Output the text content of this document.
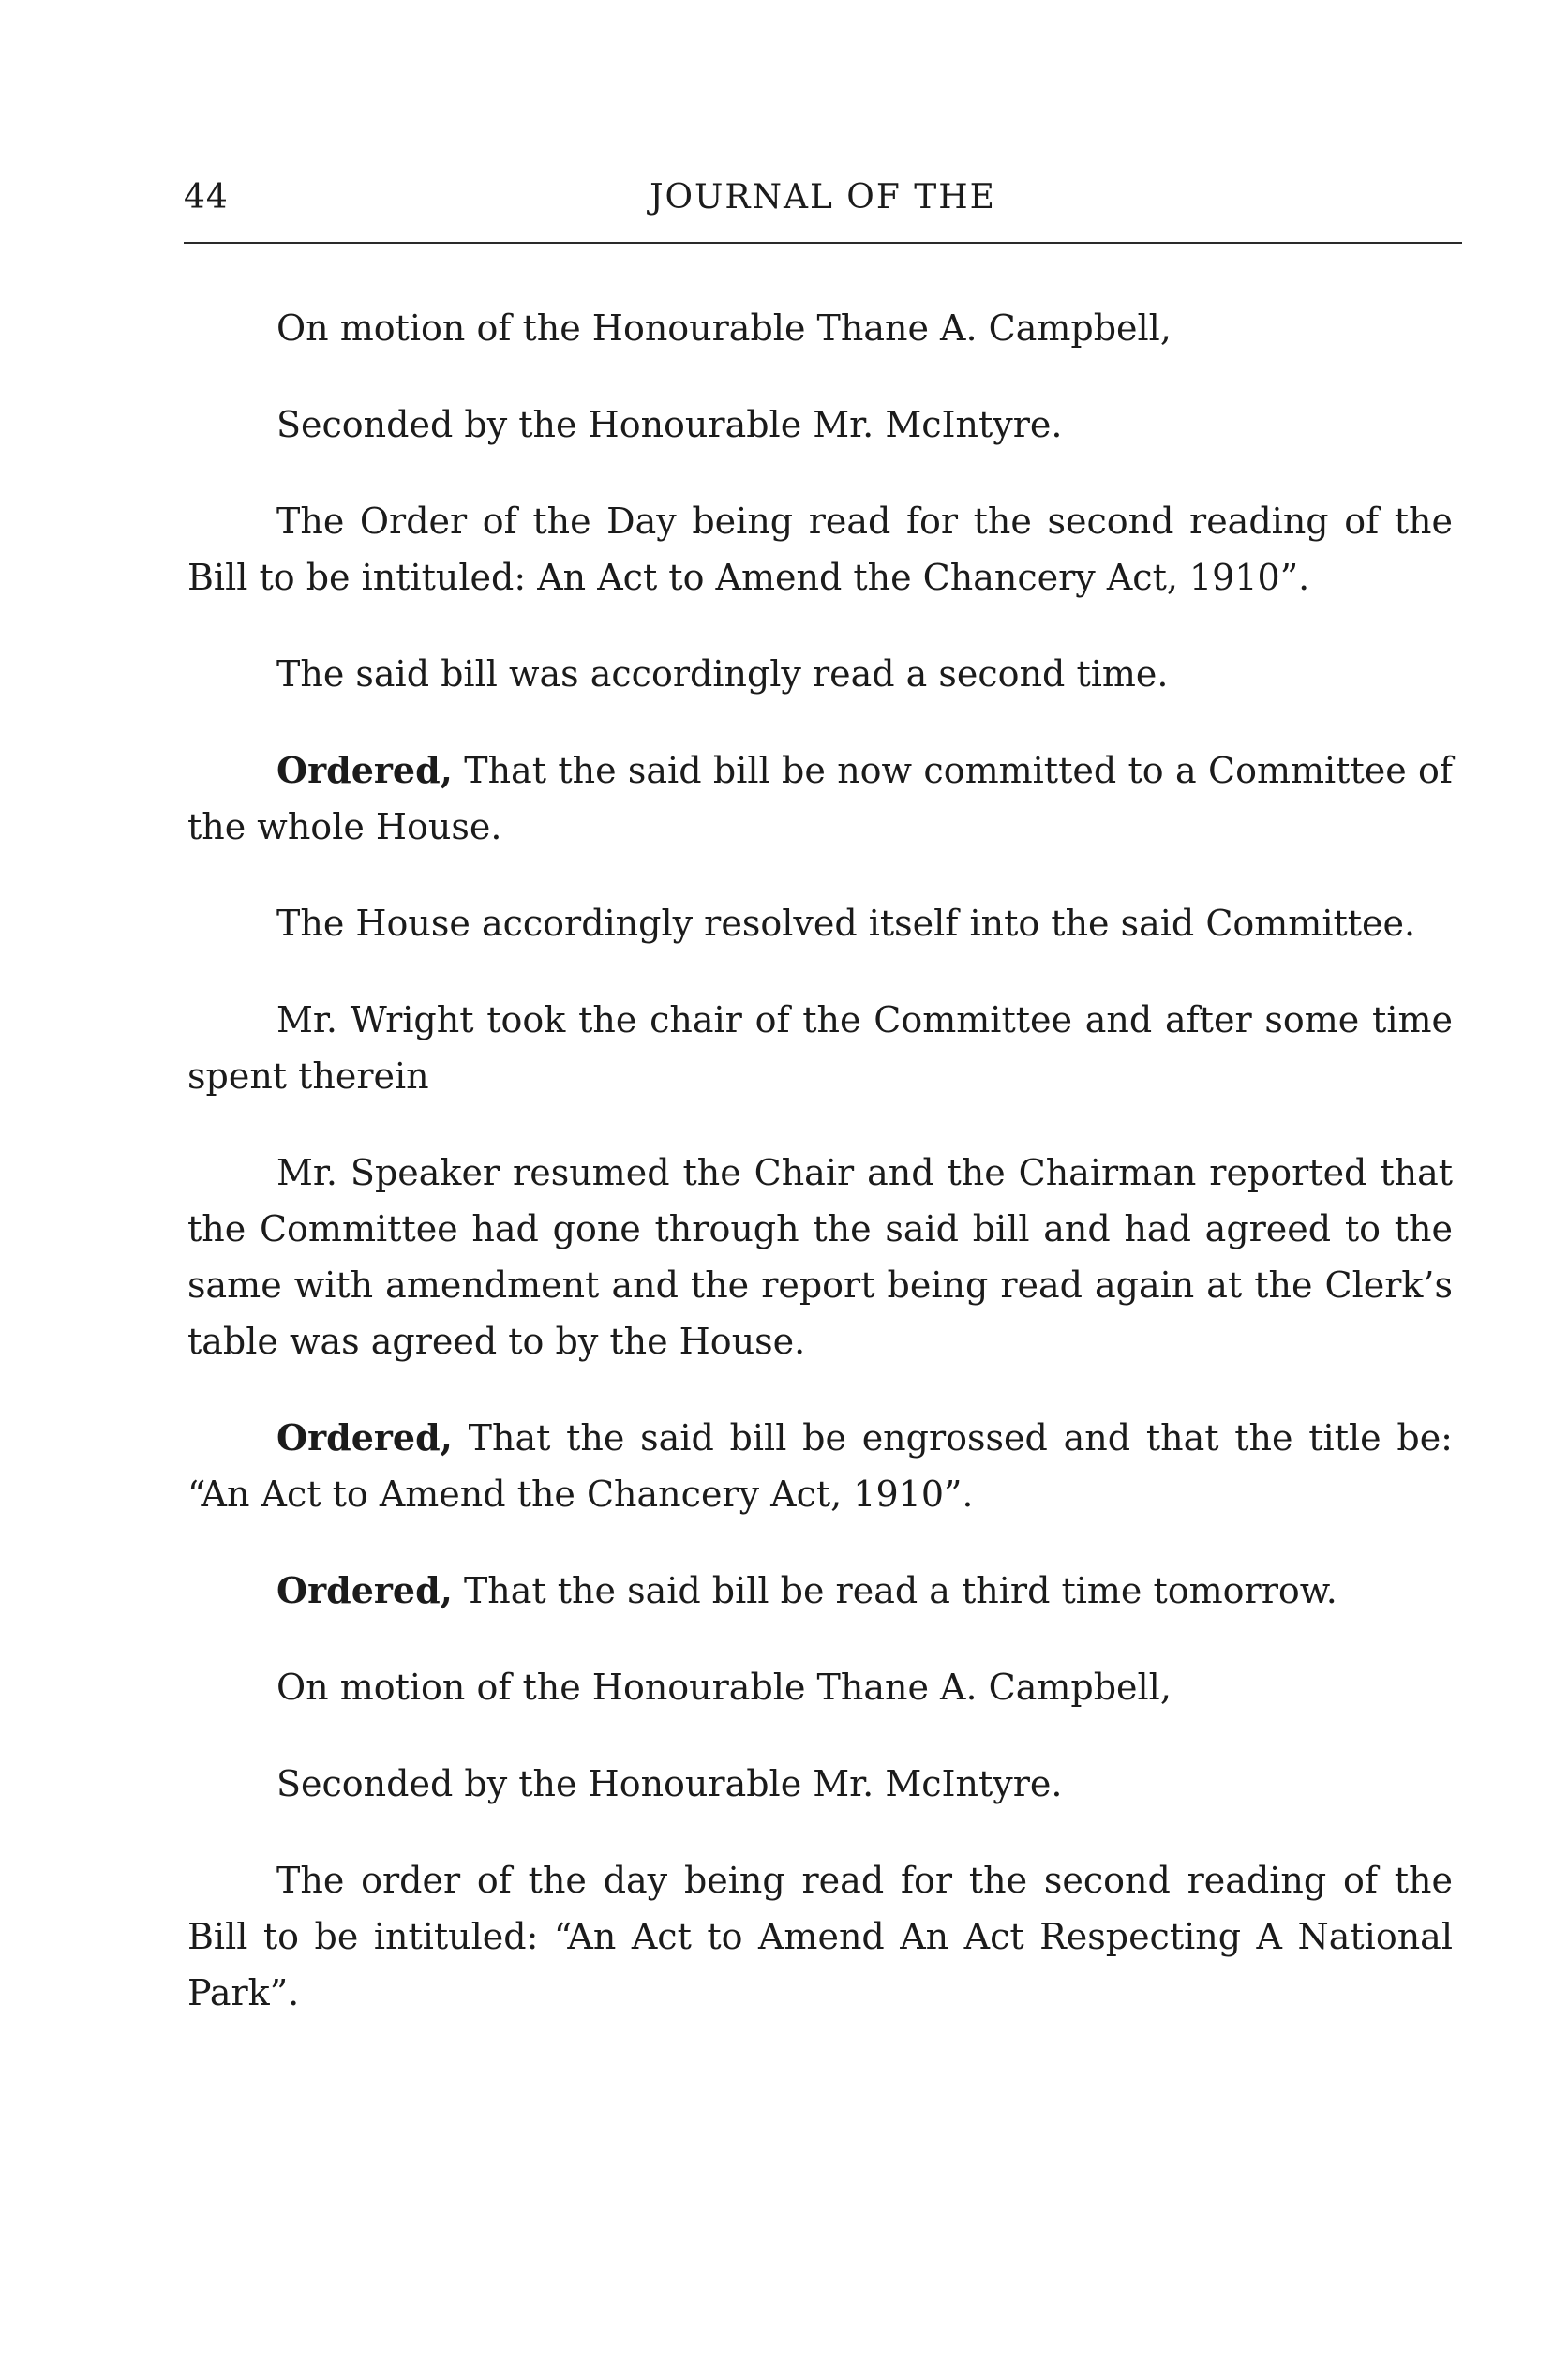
44	JOURNAL OF THE

On motion of the Honourable Thane A. Campbell,

Seconded by the Honourable Mr. McIntyre.

The Order of the Day being read for the second reading of the Bill to be intituled: An Act to Amend the Chancery Act, 1910”.

The said bill was accordingly read a second time.

Ordered, That the said bill be now committed to a Committee of the whole House.

The House accordingly resolved itself into the said Committee.

Mr. Wright took the chair of the Committee and after some time spent therein

Mr. Speaker resumed the Chair and the Chairman reported that the Committee had gone through the said bill and had agreed to the same with amendment and the report being read again at the Clerk’s table was agreed to by the House.

Ordered, That the said bill be engrossed and that the title be: “An Act to Amend the Chancery Act, 1910”.

Ordered, That the said bill be read a third time tomorrow.

On motion of the Honourable Thane A. Campbell,

Seconded by the Honourable Mr. McIntyre.

The order of the day being read for the second reading of the Bill to be intituled: “An Act to Amend An Act Respecting A National Park”.
